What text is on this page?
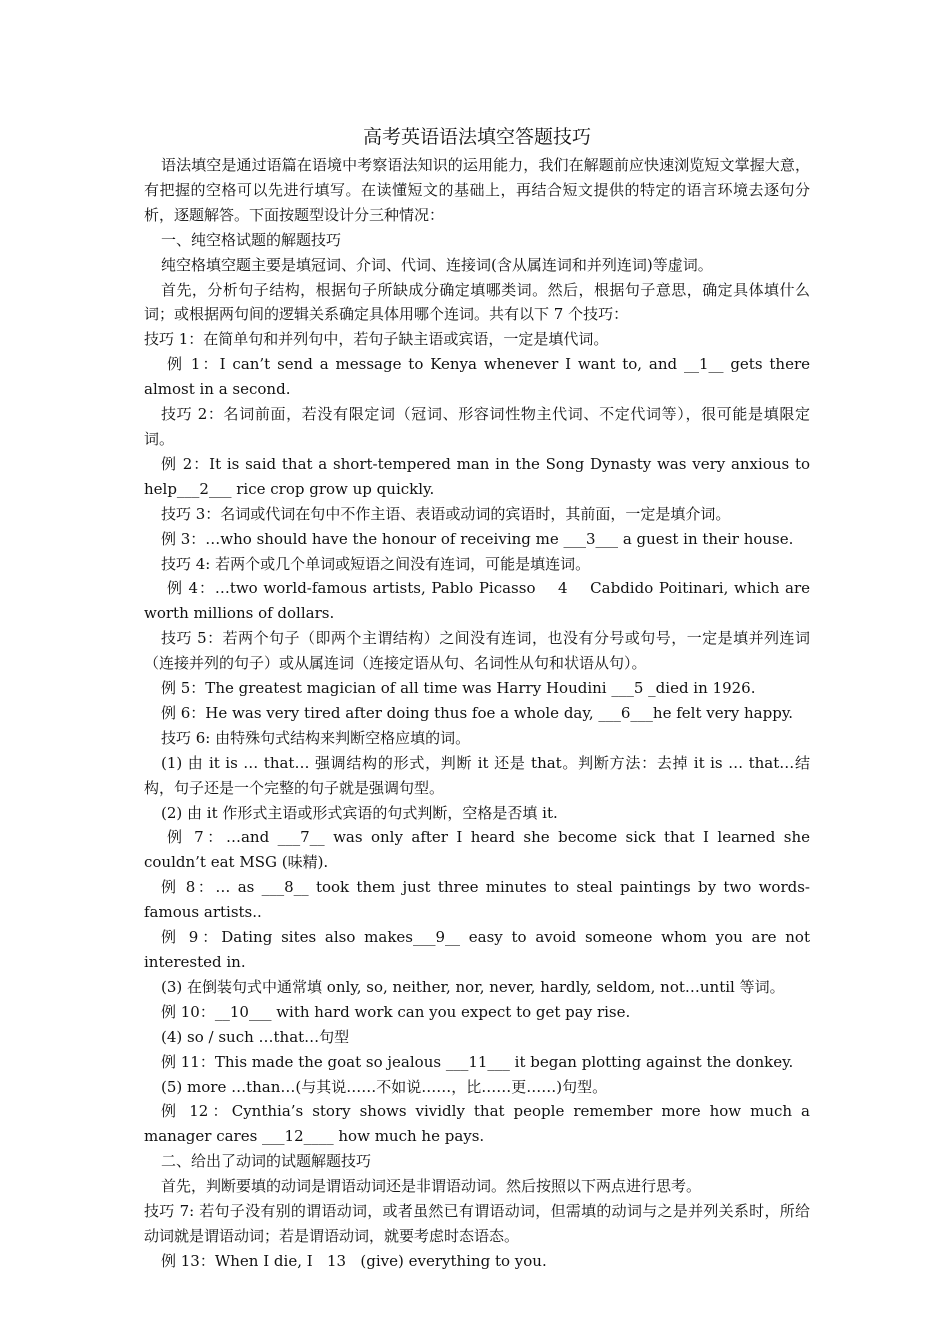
高考英语语法填空答题技巧

语法填空是通过语篇在语境中考察语法知识的运用能力，我们在解题前应快速浏览短文掌握大意，有把握的空格可以先进行填写。在读懂短文的基础上，再结合短文提供的特定的语言环境去逐句分析，逐题解答。下面按题型设计分三种情况：

一、纯空格试题的解题技巧

纯空格填空题主要是填冠词、介词、代词、连接词(含从属连词和并列连词)等虚词。

首先，分析句子结构，根据句子所缺成分确定填哪类词。然后，根据句子意思，确定具体填什么词；或根据两句间的逻辑关系确定具体用哪个连词。共有以下 7 个技巧：

技巧 1：在简单句和并列句中，若句子缺主语或宾语，一定是填代词。

例 1：I can’t send a message to Kenya whenever I want to, and __1__ gets there almost in a second.

技巧 2：名词前面，若没有限定词（冠词、形容词性物主代词、不定代词等），很可能是填限定词。

例 2：It is said that a short-tempered man in the Song Dynasty was very anxious to help___2___ rice crop grow up quickly.

技巧 3：名词或代词在句中不作主语、表语或动词的宾语时，其前面，一定是填介词。

例 3：…who should have the honour of receiving me ___3___ a guest in their house.

技巧 4: 若两个或几个单词或短语之间没有连词，可能是填连词。

例 4：…two world-famous artists, Pablo Picasso    4    Cabdido Poitinari, which are worth millions of dollars.

技巧 5：若两个句子（即两个主谓结构）之间没有连词，也没有分号或句号，一定是填并列连词（连接并列的句子）或从属连词（连接定语从句、名词性从句和状语从句）。

例 5：The greatest magician of all time was Harry Houdini ___5 _died in 1926.

例 6：He was very tired after doing thus foe a whole day, ___6___he felt very happy.

技巧 6: 由特殊句式结构来判断空格应填的词。

(1) 由 it is … that… 强调结构的形式，判断 it 还是 that。判断方法：去掉 it is … that…结构，句子还是一个完整的句子就是强调句型。

(2) 由 it 作形式主语或形式宾语的句式判断，空格是否填 it.

例 7：…and ___7__ was only after I heard she become sick that I learned she couldn’t eat MSG (味精).

例 8：… as ___8__ took them just three minutes to steal paintings by two words-famous artists..

例 9：Dating sites also makes___9__ easy to avoid someone whom you are not interested in.

(3) 在倒装句式中通常填 only, so, neither, nor, never, hardly, seldom, not…until 等词。

例 10：__10___ with hard work can you expect to get pay rise.

(4) so / such …that…句型

例 11：This made the goat so jealous ___11___ it began plotting against the donkey.

(5) more …than…(与其说……不如说……，比……更……)句型。

例 12：Cynthia’s story shows vividly that people remember more how much a manager cares ___12____ how much he pays.

二、给出了动词的试题解题技巧

首先，判断要填的动词是谓语动词还是非谓语动词。然后按照以下两点进行思考。

技巧 7: 若句子没有别的谓语动词，或者虽然已有谓语动词，但需填的动词与之是并列关系时，所给动词就是谓语动词；若是谓语动词，就要考虑时态语态。

例 13：When I die, I   13   (give) everything to you.
